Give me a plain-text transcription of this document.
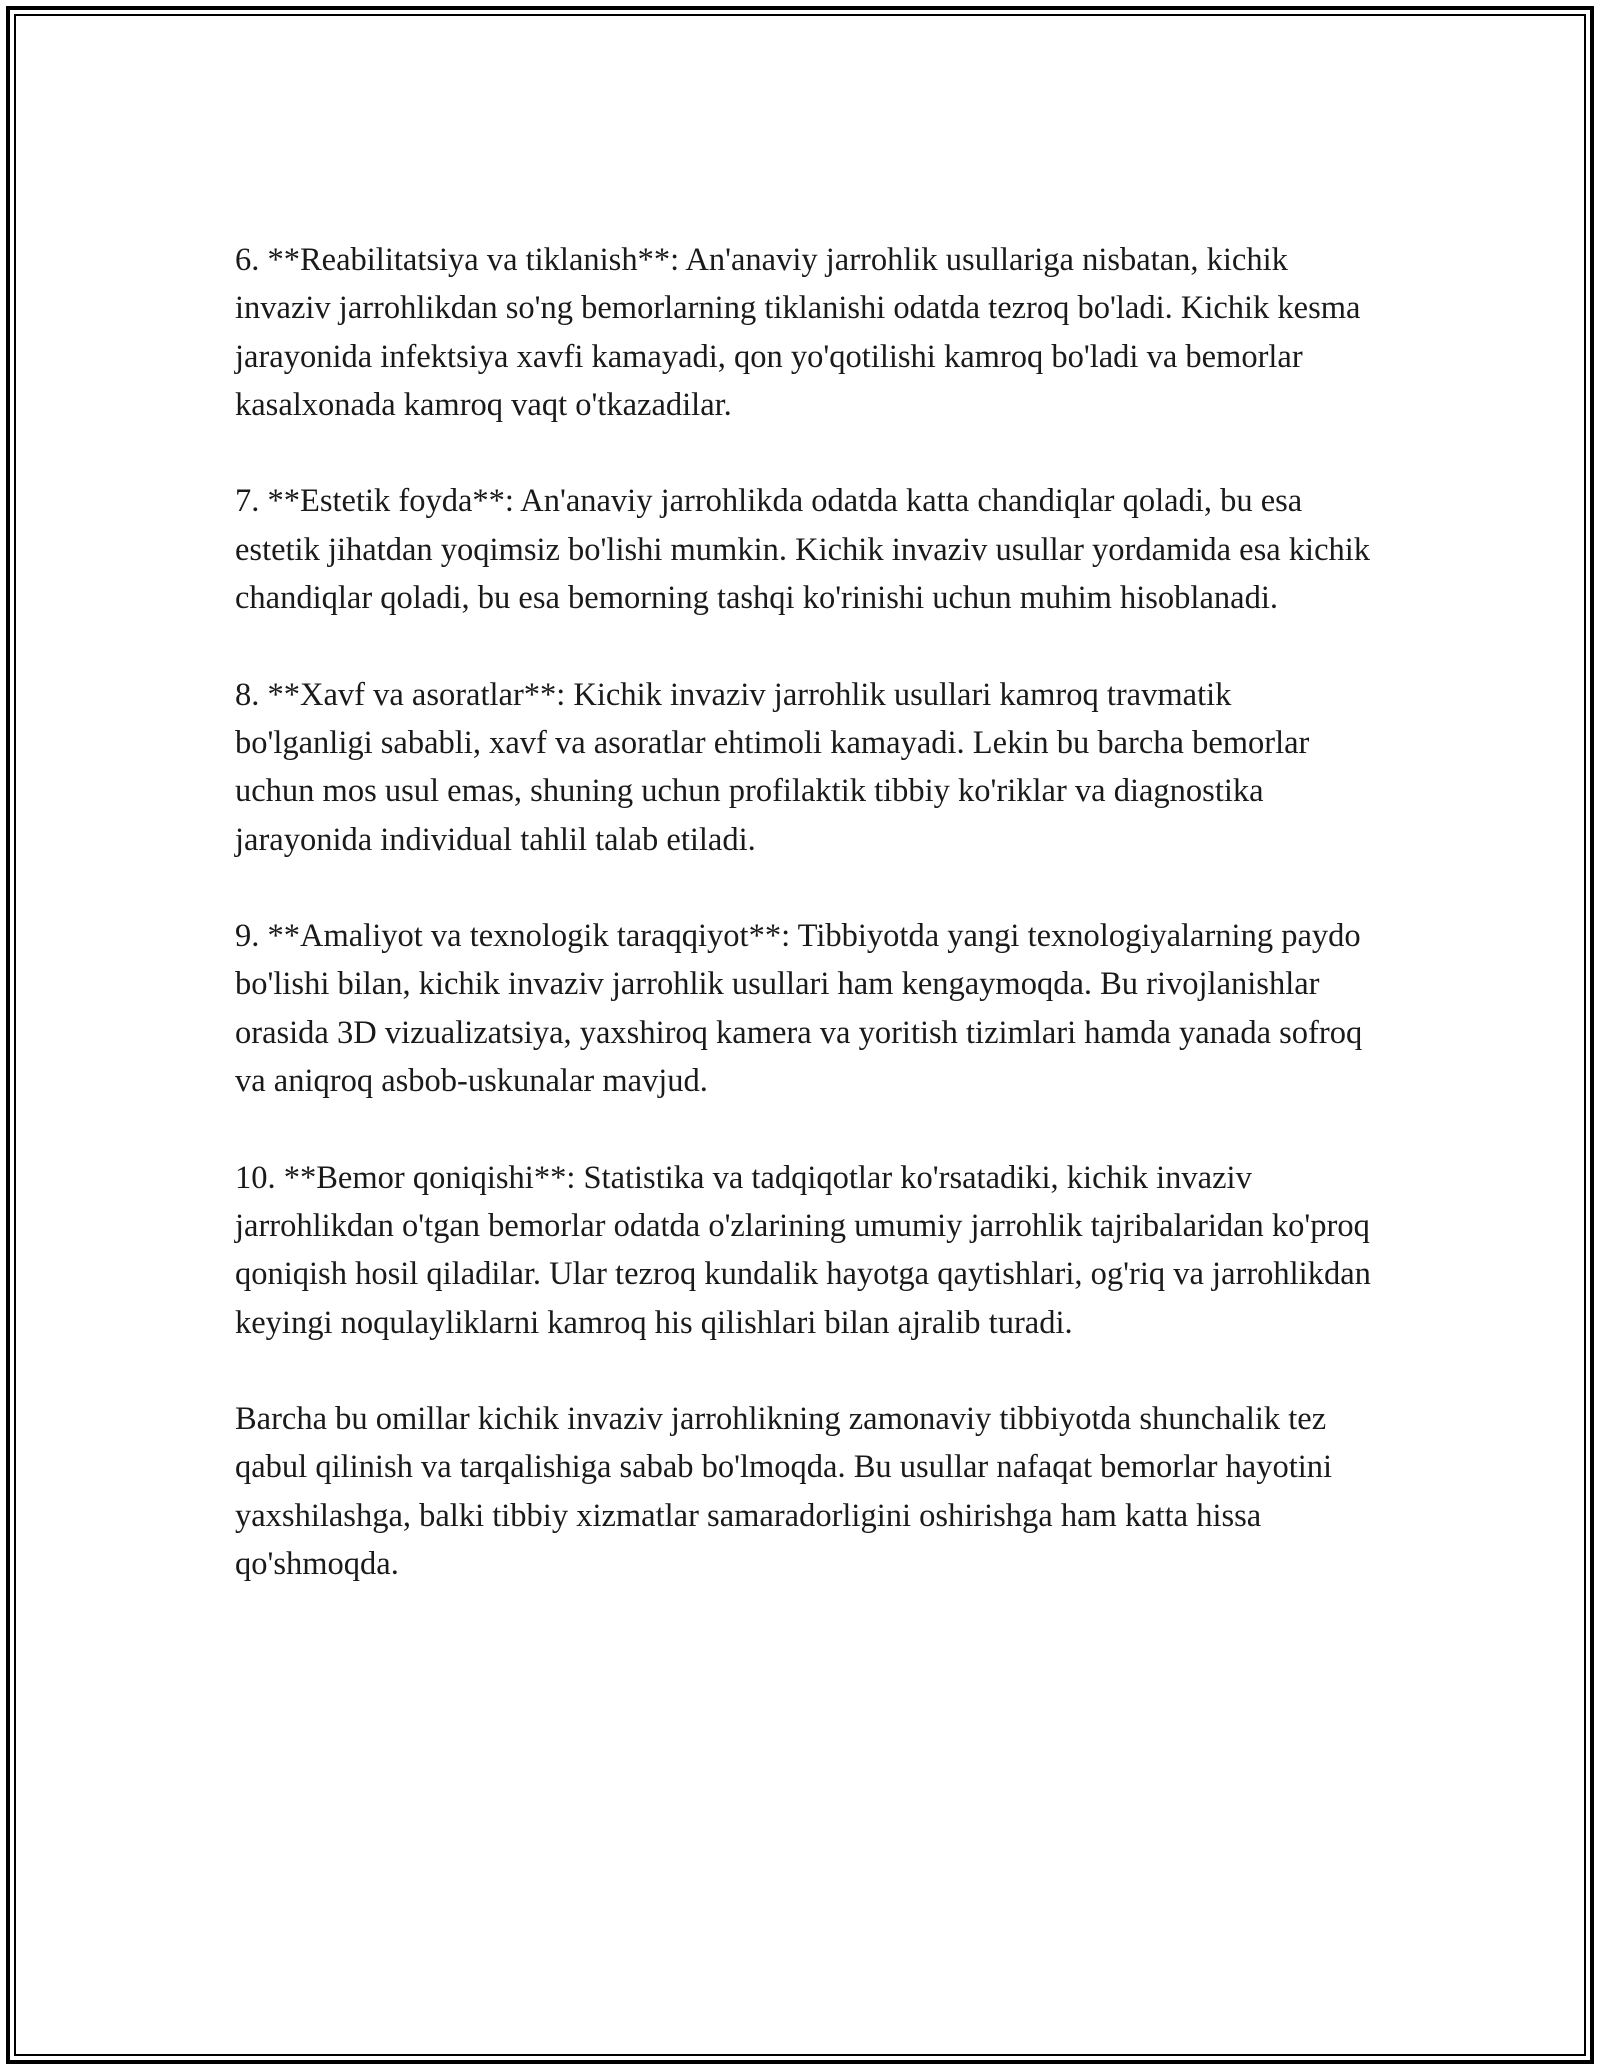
6. **Reabilitatsiya va tiklanish**: An'anaviy jarrohlik usullariga nisbatan, kichik invaziv jarrohlikdan so'ng bemorlarning tiklanishi odatda tezroq bo'ladi. Kichik kesma jarayonida infektsiya xavfi kamayadi, qon yo'qotilishi kamroq bo'ladi va bemorlar kasalxonada kamroq vaqt o'tkazadilar.

7. **Estetik foyda**: An'anaviy jarrohlikda odatda katta chandiqlar qoladi, bu esa estetik jihatdan yoqimsiz bo'lishi mumkin. Kichik invaziv usullar yordamida esa kichik chandiqlar qoladi, bu esa bemorning tashqi ko'rinishi uchun muhim hisoblanadi.

8. **Xavf va asoratlar**: Kichik invaziv jarrohlik usullari kamroq travmatik bo'lganligi sababli, xavf va asoratlar ehtimoli kamayadi. Lekin bu barcha bemorlar uchun mos usul emas, shuning uchun profilaktik tibbiy ko'riklar va diagnostika jarayonida individual tahlil talab etiladi.

9. **Amaliyot va texnologik taraqqiyot**: Tibbiyotda yangi texnologiyalarning paydo bo'lishi bilan, kichik invaziv jarrohlik usullari ham kengaymoqda. Bu rivojlanishlar orasida 3D vizualizatsiya, yaxshiroq kamera va yoritish tizimlari hamda yanada sofroq va aniqroq asbob-uskunalar mavjud.

10. **Bemor qoniqishi**: Statistika va tadqiqotlar ko'rsatadiki, kichik invaziv jarrohlikdan o'tgan bemorlar odatda o'zlarining umumiy jarrohlik tajribalaridan ko'proq qoniqish hosil qiladilar. Ular tezroq kundalik hayotga qaytishlari, og'riq va jarrohlikdan keyingi noqulayliklarni kamroq his qilishlari bilan ajralib turadi.

Barcha bu omillar kichik invaziv jarrohlikning zamonaviy tibbiyotda shunchalik tez qabul qilinish va tarqalishiga sabab bo'lmoqda. Bu usullar nafaqat bemorlar hayotini yaxshilashga, balki tibbiy xizmatlar samaradorligini oshirishga ham katta hissa qo'shmoqda.
